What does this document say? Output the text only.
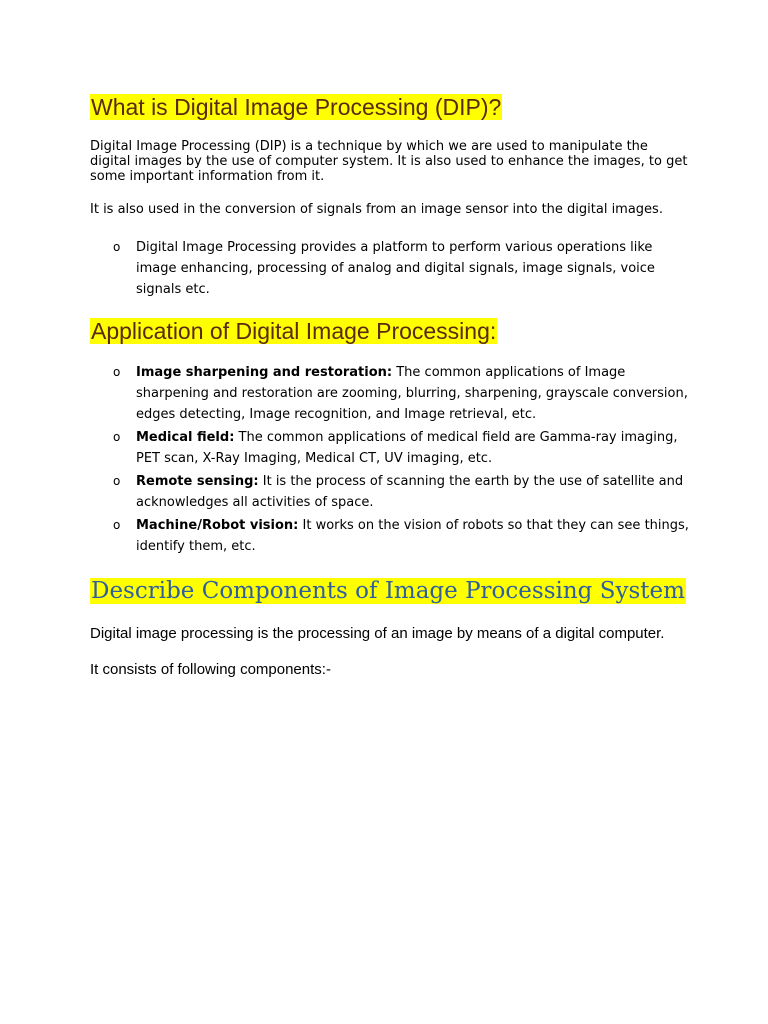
What is Digital Image Processing (DIP)?

Digital Image Processing (DIP) is a technique by which we are used to manipulate the digital images by the use of computer system. It is also used to enhance the images, to get some important information from it.

It is also used in the conversion of signals from an image sensor into the digital images.

o Digital Image Processing provides a platform to perform various operations like image enhancing, processing of analog and digital signals, image signals, voice signals etc.
Application of Digital Image Processing:
o Image sharpening and restoration: The common applications of Image sharpening and restoration are zooming, blurring, sharpening, grayscale conversion, edges detecting, Image recognition, and Image retrieval, etc.
o Medical field: The common applications of medical field are Gamma-ray imaging, PET scan, X-Ray Imaging, Medical CT, UV imaging, etc.
o Remote sensing: It is the process of scanning the earth by the use of satellite and acknowledges all activities of space.
o Machine/Robot vision: It works on the vision of robots so that they can see things, identify them, etc.
Describe Components of Image Processing System

Digital image processing is the processing of an image by means of a digital computer.

It consists of following components:-
